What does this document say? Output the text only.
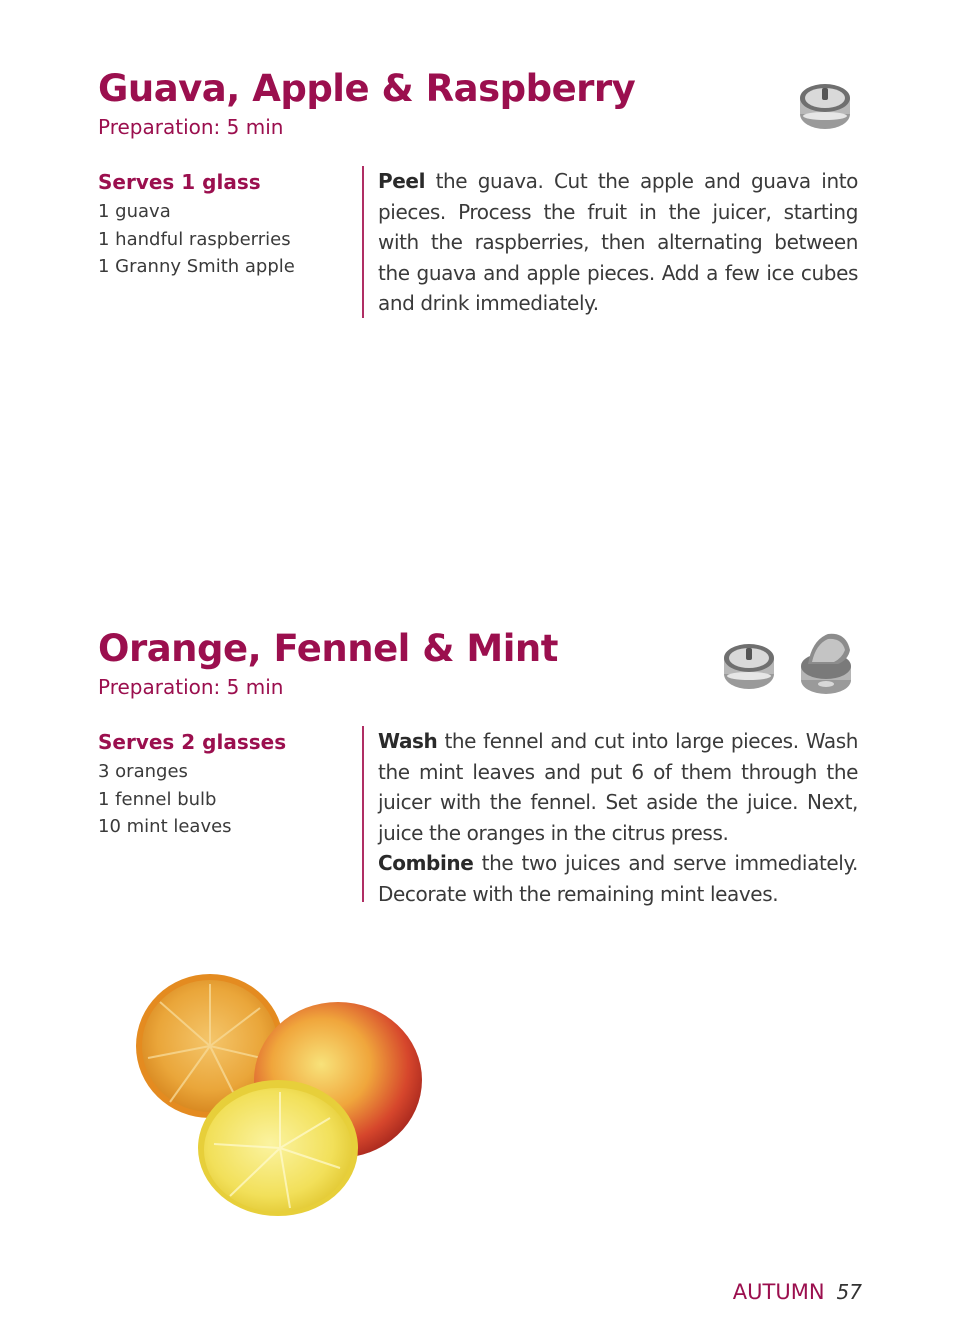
Guava, Apple & Raspberry
Preparation: 5 min
Serves 1 glass
1 guava
1 handful raspberries
1 Granny Smith apple

Peel the guava. Cut the apple and guava into pieces. Process the fruit in the juicer, starting with the raspberries, then alternating between the guava and apple pieces. Add a few ice cubes and drink immediately.

Orange, Fennel & Mint
Preparation: 5 min
Serves 2 glasses
3 oranges
1 fennel bulb
10 mint leaves

Wash the fennel and cut into large pieces. Wash the mint leaves and put 6 of them through the juicer with the fennel. Set aside the juice. Next, juice the oranges in the citrus press.

Combine the two juices and serve immediately. Decorate with the remaining mint leaves.

AUTUMN 57
